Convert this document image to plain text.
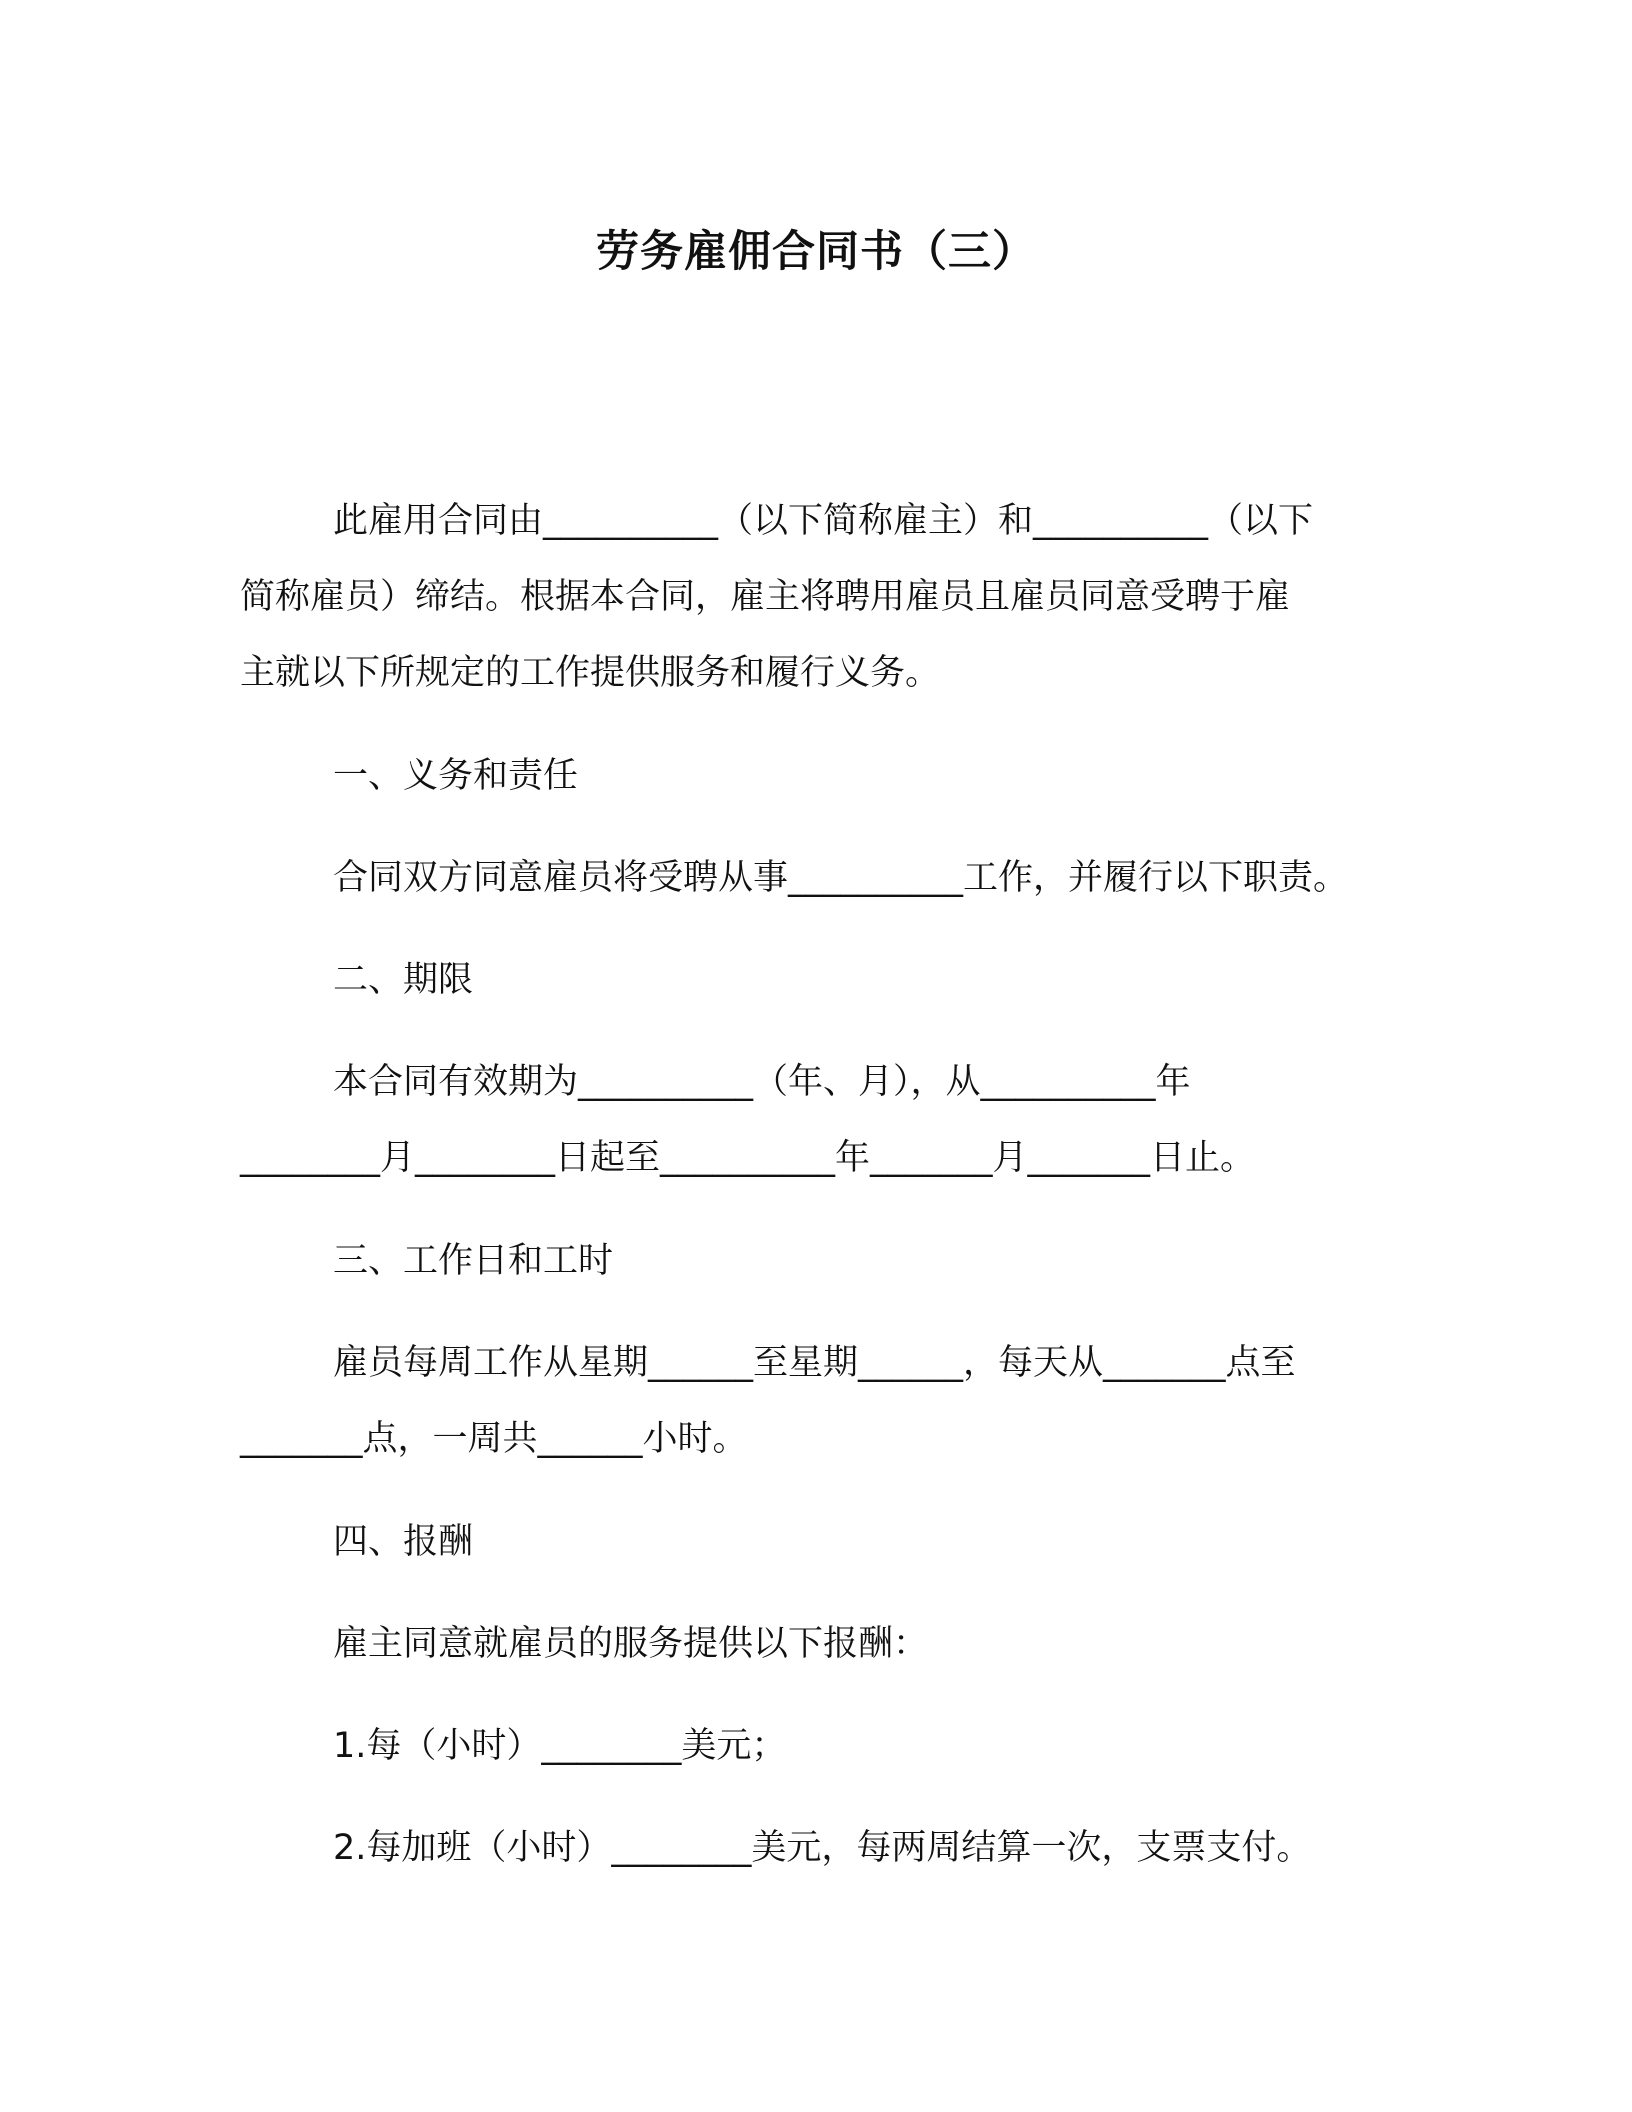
劳务雇佣合同书（三）
此雇用合同由__________（以下简称雇主）和__________（以下
简称雇员）缔结。根据本合同，雇主将聘用雇员且雇员同意受聘于雇
主就以下所规定的工作提供服务和履行义务。
一、义务和责任
合同双方同意雇员将受聘从事__________工作，并履行以下职责。
二、期限
本合同有效期为__________（年、月），从__________年
________月________日起至__________年_______月_______日止。
三、工作日和工时
雇员每周工作从星期______至星期______，每天从_______点至
_______点，一周共______小时。
四、报酬
雇主同意就雇员的服务提供以下报酬：
1.每（小时）________美元；
2.每加班（小时）________美元，每两周结算一次，支票支付。
